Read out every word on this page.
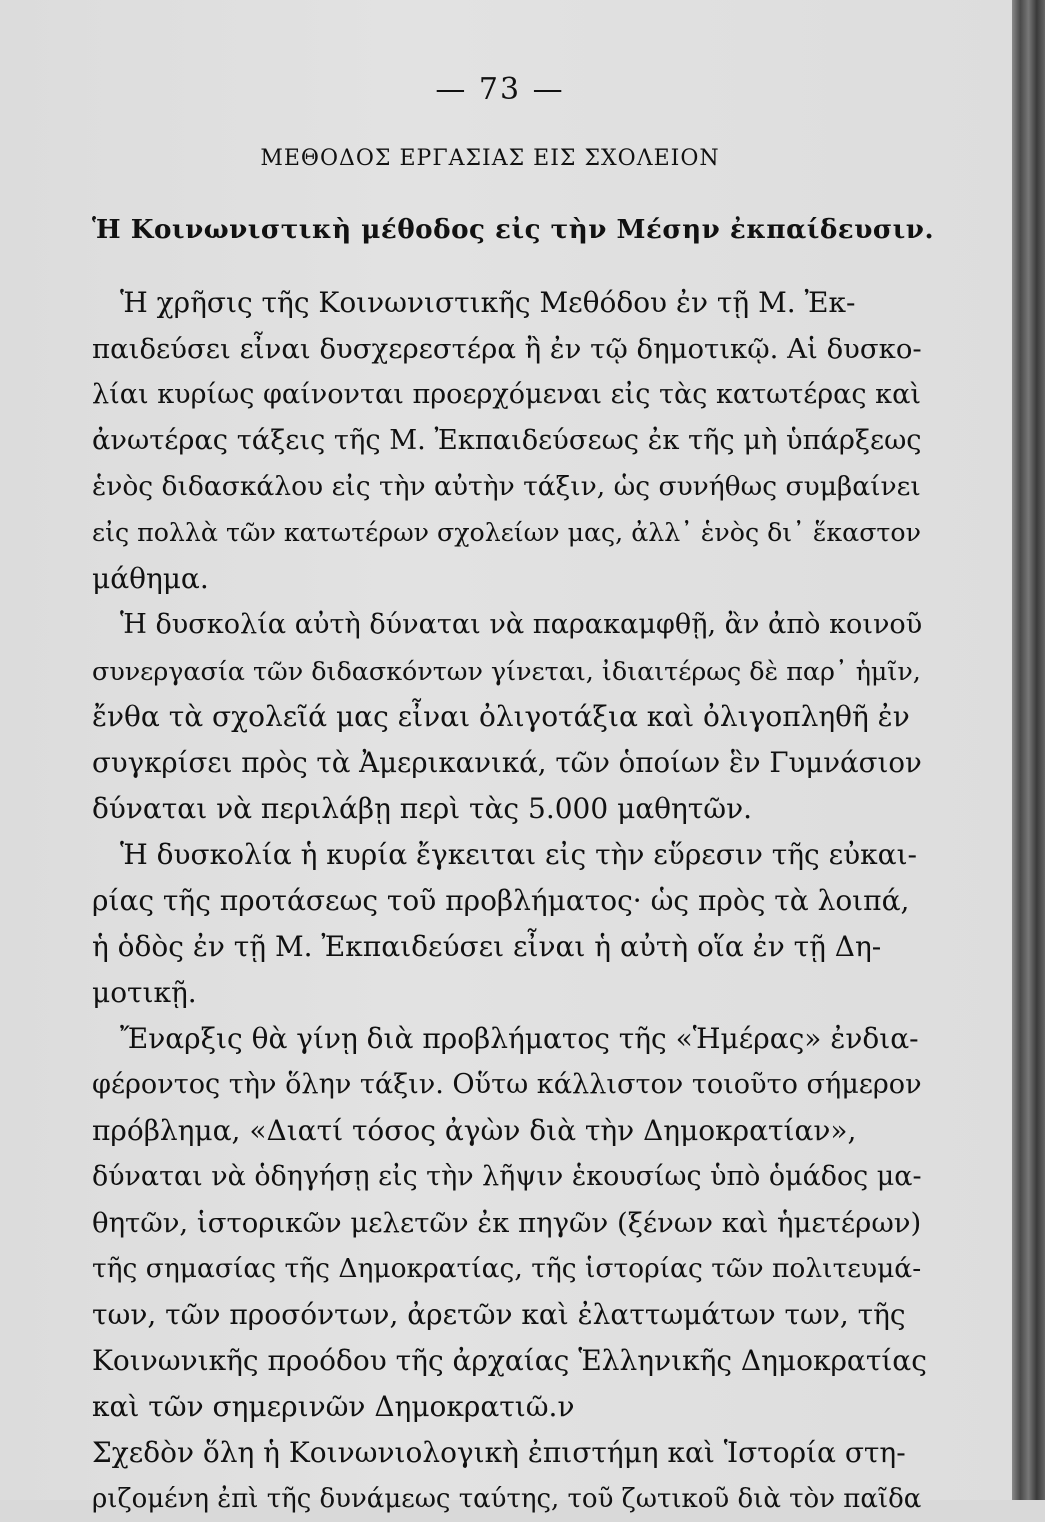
— 73 —
ΜΕΘΟΔΟΣ ΕΡΓΑΣΙΑΣ ΕΙΣ ΣΧΟΛΕΙΟΝ
Ἡ Κοινωνιστικὴ μέθοδος εἰς τὴν Μέσην ἐκπαίδευσιν.
Ἡ χρῆσις τῆς Κοινωνιστικῆς Μεθόδου ἐν τῇ Μ. Ἐκ-
παιδεύσει εἶναι δυσχερεστέρα ἢ ἐν τῷ δημοτικῷ. Αἱ δυσκο-
λίαι κυρίως φαίνονται προερχόμεναι εἰς τὰς κατωτέρας καὶ
ἀνωτέρας τάξεις τῆς Μ. Ἐκπαιδεύσεως ἐκ τῆς μὴ ὑπάρξεως
ἑνὸς διδασκάλου εἰς τὴν αὐτὴν τάξιν, ὡς συνήθως συμβαίνει
εἰς πολλὰ τῶν κατωτέρων σχολείων μας, ἀλλ᾿ ἑνὸς δι᾿ ἕκαστον
μάθημα.
Ἡ δυσκολία αὐτὴ δύναται νὰ παρακαμφθῇ, ἂν ἀπὸ κοινοῦ
συνεργασία τῶν διδασκόντων γίνεται, ἰδιαιτέρως δὲ παρ᾿ ἡμῖν,
ἔνθα τὰ σχολεῖά μας εἶναι ὀλιγοτάξια καὶ ὀλιγοπληθῆ ἐν
συγκρίσει πρὸς τὰ Ἀμερικανικά, τῶν ὁποίων ἓν Γυμνάσιον
δύναται νὰ περιλάβῃ περὶ τὰς 5.000 μαθητῶν.
Ἡ δυσκολία ἡ κυρία ἔγκειται εἰς τὴν εὕρεσιν τῆς εὐκαι-
ρίας τῆς προτάσεως τοῦ προβλήματος· ὡς πρὸς τὰ λοιπά,
ἡ ὁδὸς ἐν τῇ Μ. Ἐκπαιδεύσει εἶναι ἡ αὐτὴ οἵα ἐν τῇ Δη-
μοτικῇ.
Ἔναρξις θὰ γίνῃ διὰ προβλήματος τῆς «Ἡμέρας» ἐνδια-
φέροντος τὴν ὅλην τάξιν. Οὕτω κάλλιστον τοιοῦτο σήμερον
πρόβλημα, «Διατί τόσος ἀγὼν διὰ τὴν Δημοκρατίαν»,
δύναται νὰ ὁδηγήσῃ εἰς τὴν λῆψιν ἑκουσίως ὑπὸ ὁμάδος μα-
θητῶν, ἱστορικῶν μελετῶν ἐκ πηγῶν (ξένων καὶ ἡμετέρων)
τῆς σημασίας τῆς Δημοκρατίας, τῆς ἱστορίας τῶν πολιτευμά-
των, τῶν προσόντων, ἀρετῶν καὶ ἐλαττωμάτων των, τῆς
Κοινωνικῆς προόδου τῆς ἀρχαίας Ἑλληνικῆς Δημοκρατίας
καὶ τῶν σημερινῶν Δημοκρατιῶ.ν
Σχεδὸν ὅλη ἡ Κοινωνιολογικὴ ἐπιστήμη καὶ Ἱστορία στη-
ριζομένη ἐπὶ τῆς δυνάμεως ταύτης, τοῦ ζωτικοῦ διὰ τὸν παῖδα
